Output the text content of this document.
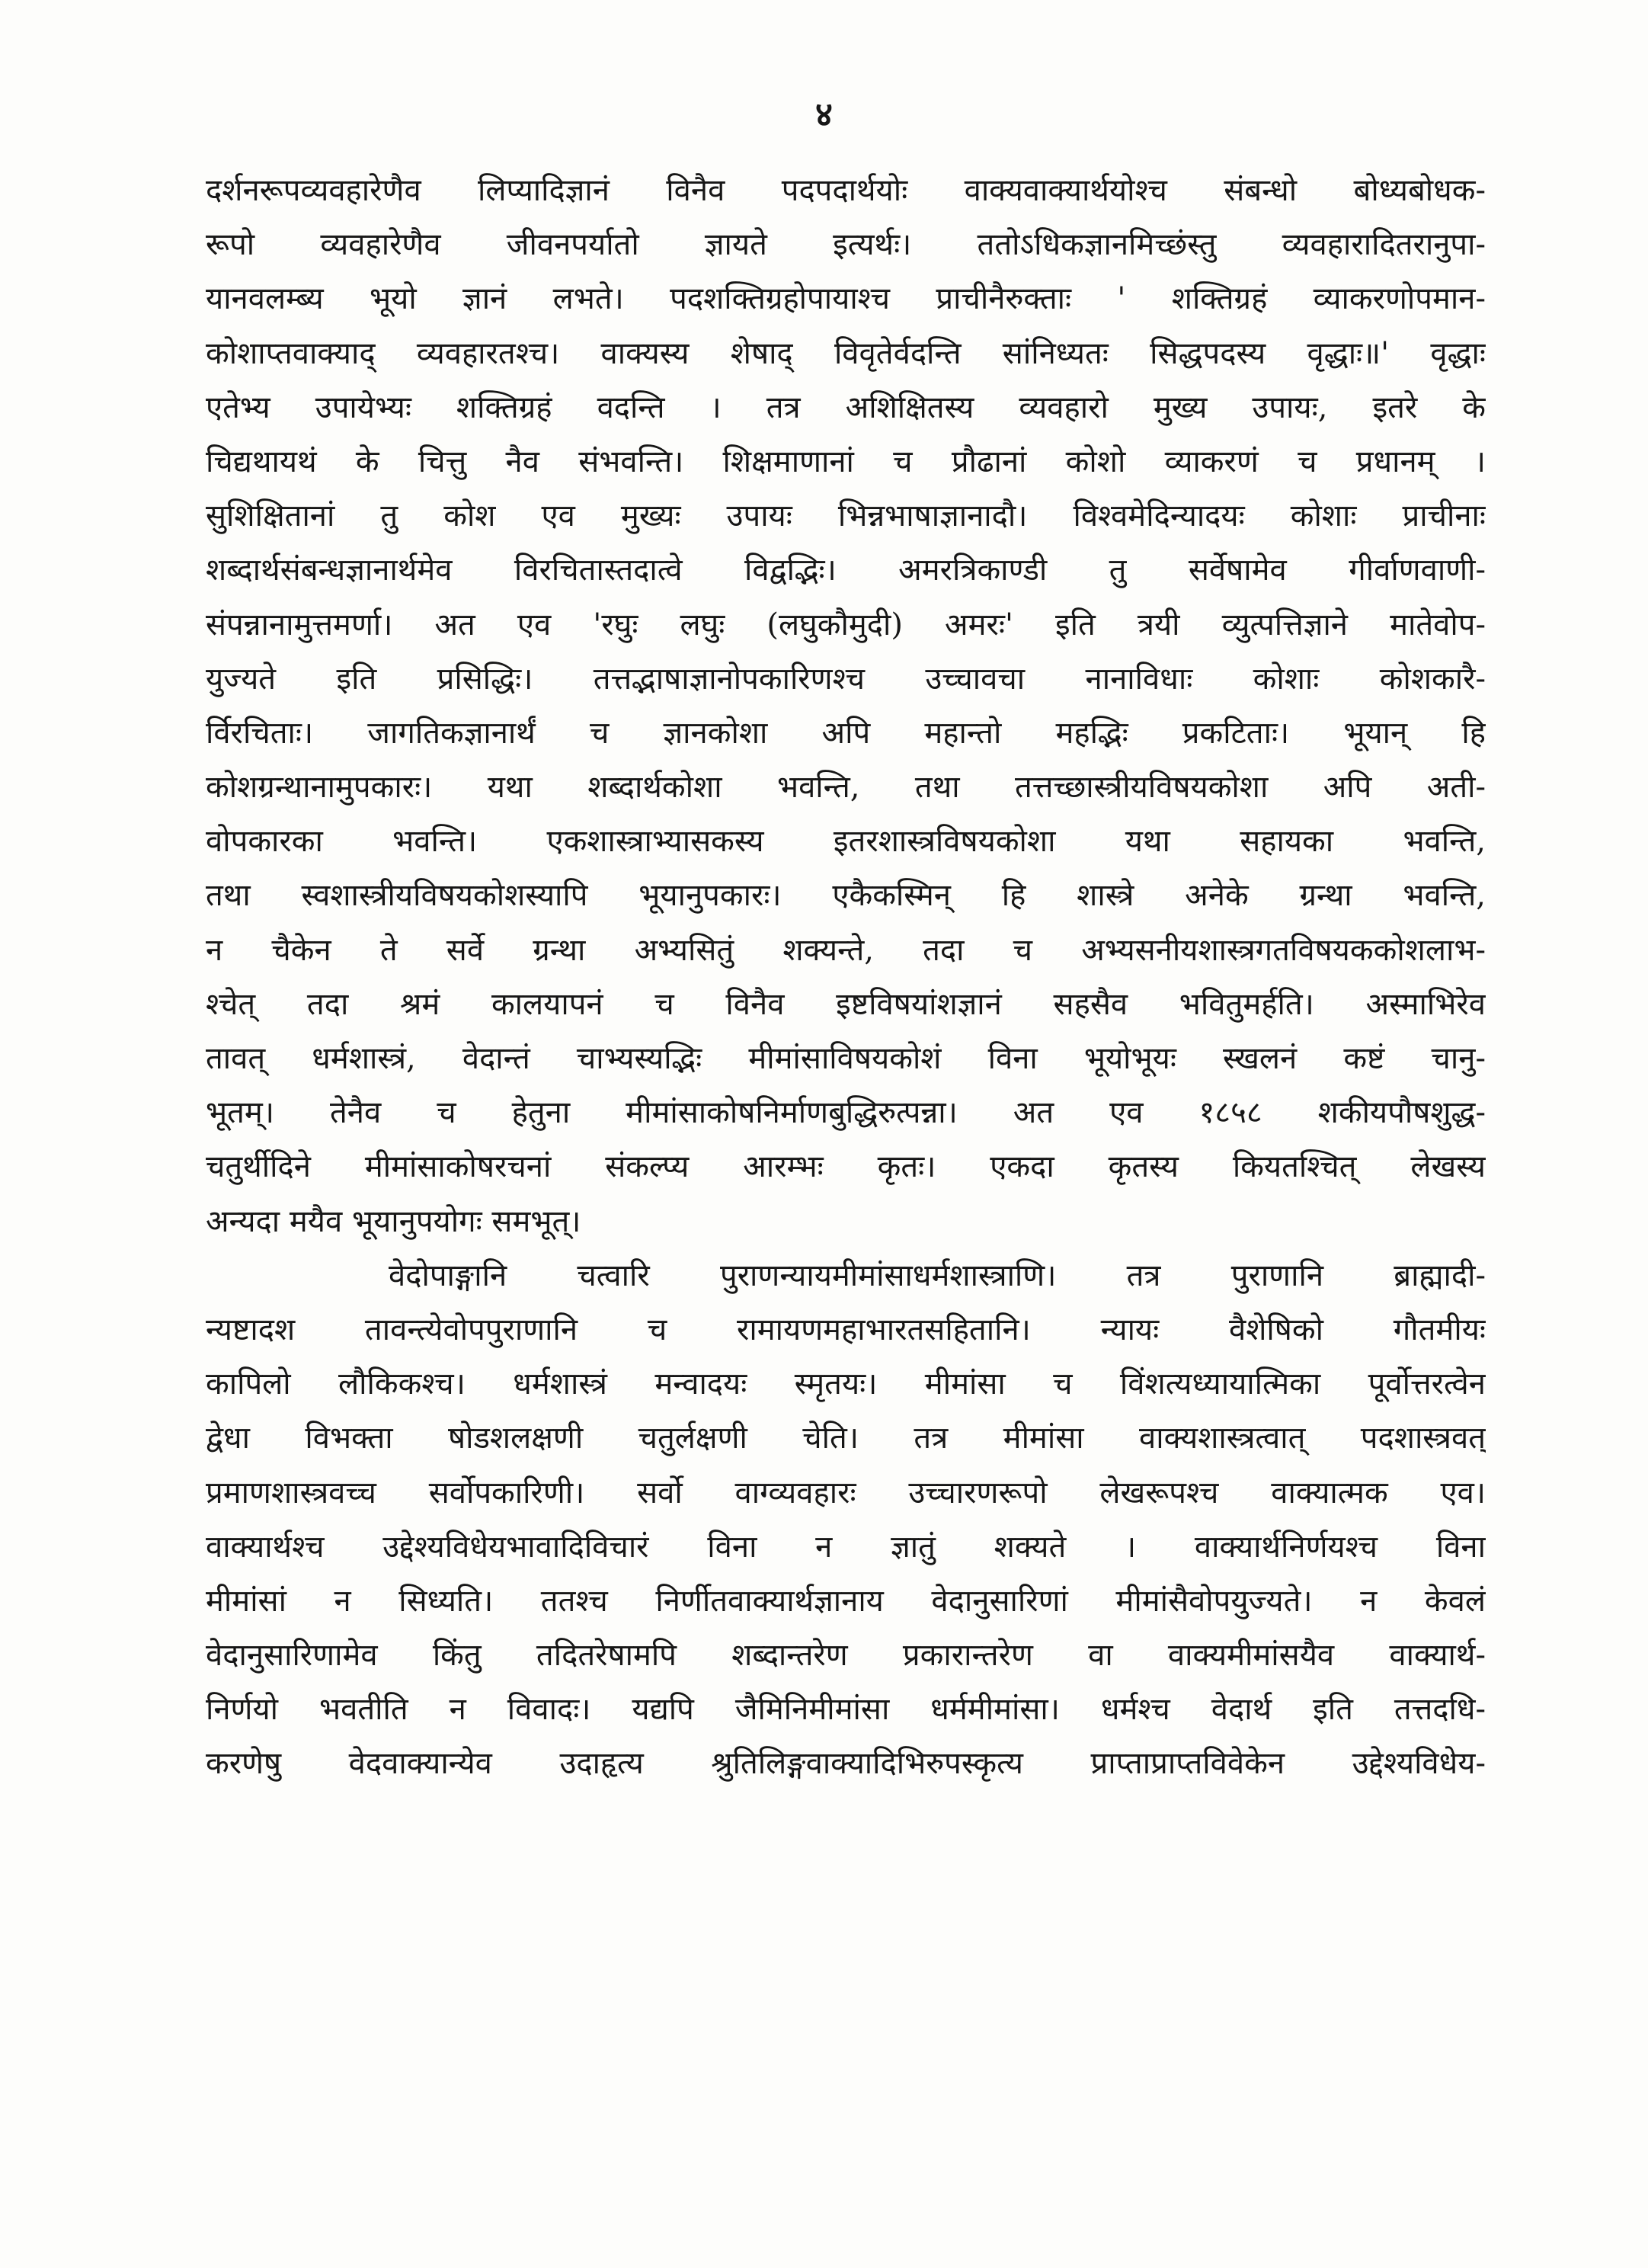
४
दर्शनरूपव्यवहारेणैव लिप्यादिज्ञानं विनैव पदपदार्थयोः वाक्यवाक्यार्थयोश्च संबन्धो बोध्यबोधक-
रूपो व्यवहारेणैव जीवनपर्यातो ज्ञायते इत्यर्थः। ततोऽधिकज्ञानमिच्छंस्तु व्यवहारादितरानुपा-
यानवलम्ब्य भूयो ज्ञानं लभते। पदशक्तिग्रहोपायाश्च प्राचीनैरुक्ताः ' शक्तिग्रहं व्याकरणोपमान-
कोशाप्तवाक्याद् व्यवहारतश्च। वाक्यस्य शेषाद् विवृतेर्वदन्ति सांनिध्यतः सिद्धपदस्य वृद्धाः॥' वृद्धाः
एतेभ्य उपायेभ्यः शक्तिग्रहं वदन्ति । तत्र अशिक्षितस्य व्यवहारो मुख्य उपायः, इतरे के
चिद्यथायथं के चित्तु नैव संभवन्ति। शिक्षमाणानां च प्रौढानां कोशो व्याकरणं च प्रधानम् ।
सुशिक्षितानां तु कोश एव मुख्यः उपायः भिन्नभाषाज्ञानादौ। विश्वमेदिन्यादयः कोशाः प्राचीनाः
शब्दार्थसंबन्धज्ञानार्थमेव विरचितास्तदात्वे विद्वद्भिः। अमरत्रिकाण्डी तु सर्वेषामेव गीर्वाणवाणी-
संपन्नानामुत्तमर्णा। अत एव 'रघुः लघुः (लघुकौमुदी) अमरः' इति त्रयी व्युत्पत्तिज्ञाने मातेवोप-
युज्यते इति प्रसिद्धिः। तत्तद्भाषाज्ञानोपकारिणश्च उच्चावचा नानाविधाः कोशाः कोशकारै-
र्विरचिताः। जागतिकज्ञानार्थं च ज्ञानकोशा अपि महान्तो महद्भिः प्रकटिताः। भूयान् हि
कोशग्रन्थानामुपकारः। यथा शब्दार्थकोशा भवन्ति, तथा तत्तच्छास्त्रीयविषयकोशा अपि अती-
वोपकारका भवन्ति। एकशास्त्राभ्यासकस्य इतरशास्त्रविषयकोशा यथा सहायका भवन्ति,
तथा स्वशास्त्रीयविषयकोशस्यापि भूयानुपकारः। एकैकस्मिन् हि शास्त्रे अनेके ग्रन्था भवन्ति,
न चैकेन ते सर्वे ग्रन्था अभ्यसितुं शक्यन्ते, तदा च अभ्यसनीयशास्त्रगतविषयककोशलाभ-
श्चेत् तदा श्रमं कालयापनं च विनैव इष्टविषयांशज्ञानं सहसैव भवितुमर्हति। अस्माभिरेव
तावत् धर्मशास्त्रं, वेदान्तं चाभ्यस्यद्भिः मीमांसाविषयकोशं विना भूयोभूयः स्खलनं कष्टं चानु-
भूतम्। तेनैव च हेतुना मीमांसाकोषनिर्माणबुद्धिरुत्पन्ना। अत एव १८५८ शकीयपौषशुद्ध-
चतुर्थीदिने मीमांसाकोषरचनां संकल्प्य आरम्भः कृतः। एकदा कृतस्य कियतश्चित् लेखस्य
अन्यदा मयैव भूयानुपयोगः समभूत्।
वेदोपाङ्गानि चत्वारि पुराणन्यायमीमांसाधर्मशास्त्राणि। तत्र पुराणानि ब्राह्मादी-
न्यष्टादश तावन्त्येवोपपुराणानि च रामायणमहाभारतसहितानि। न्यायः वैशेषिको गौतमीयः
कापिलो लौकिकश्च। धर्मशास्त्रं मन्वादयः स्मृतयः। मीमांसा च विंशत्यध्यायात्मिका पूर्वोत्तरत्वेन
द्वेधा विभक्ता षोडशलक्षणी चतुर्लक्षणी चेति। तत्र मीमांसा वाक्यशास्त्रत्वात् पदशास्त्रवत्
प्रमाणशास्त्रवच्च सर्वोपकारिणी। सर्वो वाग्व्यवहारः उच्चारणरूपो लेखरूपश्च वाक्यात्मक एव।
वाक्यार्थश्च उद्देश्यविधेयभावादिविचारं विना न ज्ञातुं शक्यते । वाक्यार्थनिर्णयश्च विना
मीमांसां न सिध्यति। ततश्च निर्णीतवाक्यार्थज्ञानाय वेदानुसारिणां मीमांसैवोपयुज्यते। न केवलं
वेदानुसारिणामेव किंतु तदितरेषामपि शब्दान्तरेण प्रकारान्तरेण वा वाक्यमीमांसयैव वाक्यार्थ-
निर्णयो भवतीति न विवादः। यद्यपि जैमिनिमीमांसा धर्ममीमांसा। धर्मश्च वेदार्थ इति तत्तदधि-
करणेषु वेदवाक्यान्येव उदाहृत्य श्रुतिलिङ्गवाक्यादिभिरुपस्कृत्य प्राप्ताप्राप्तविवेकेन उद्देश्यविधेय-
